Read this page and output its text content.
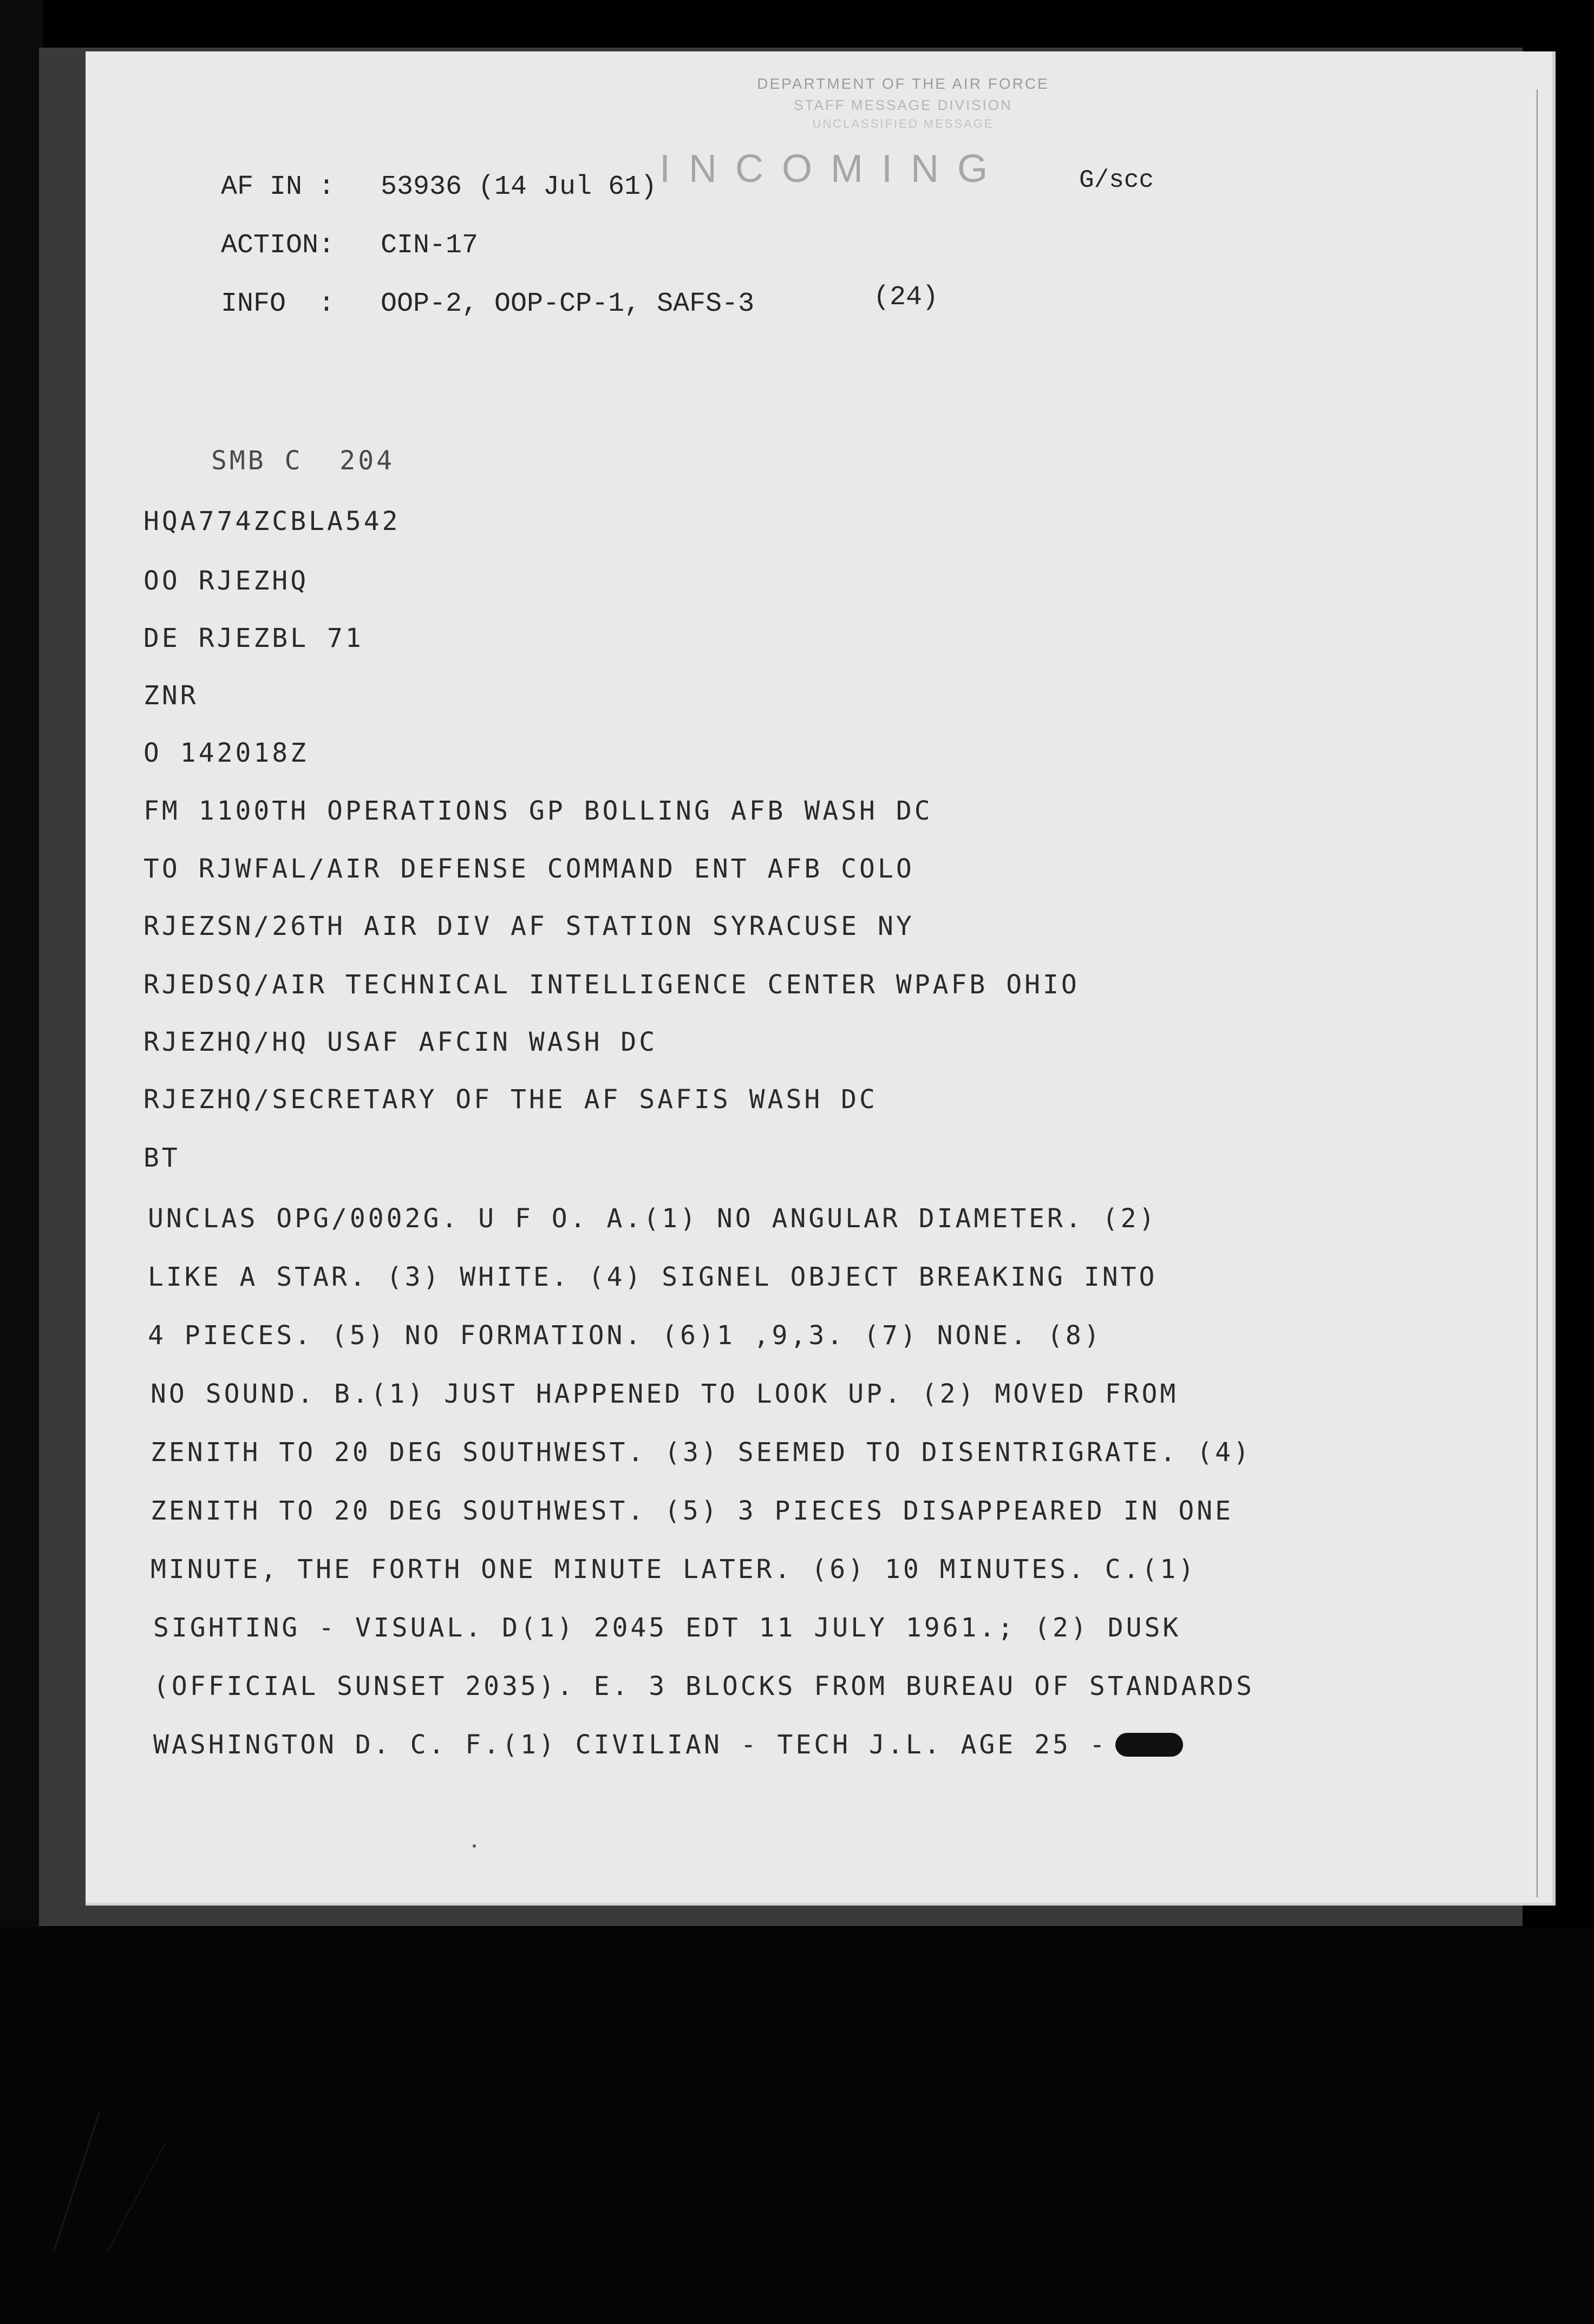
DEPARTMENT OF THE AIR FORCE
STAFF MESSAGE DIVISION
UNCLASSIFIED MESSAGE
INCOMING
AF IN : 53936 (14 Jul 61)	G/scc
ACTION: CIN-17
INFO  : OOP-2, OOP-CP-1, SAFS-3	(24)
SMB C  204
HQA774ZCBLA542
OO RJEZHQ
DE RJEZBL 71
ZNR
O 142018Z
FM 1100TH OPERATIONS GP BOLLING AFB WASH DC
TO RJWFAL/AIR DEFENSE COMMAND ENT AFB COLO
RJEZSN/26TH AIR DIV AF STATION SYRACUSE NY
RJEDSQ/AIR TECHNICAL INTELLIGENCE CENTER WPAFB OHIO
RJEZHQ/HQ USAF AFCIN WASH DC
RJEZHQ/SECRETARY OF THE AF SAFIS WASH DC
BT
UNCLAS OPG/0002G. U F O. A.(1) NO ANGULAR DIAMETER. (2)
LIKE A STAR. (3) WHITE. (4) SIGNEL OBJECT BREAKING INTO
4 PIECES. (5) NO FORMATION. (6)1 ,9,3. (7) NONE. (8)
NO SOUND. B.(1) JUST HAPPENED TO LOOK UP. (2) MOVED FROM
ZENITH TO 20 DEG SOUTHWEST. (3) SEEMED TO DISENTRIGRATE. (4)
ZENITH TO 20 DEG SOUTHWEST. (5) 3 PIECES DISAPPEARED IN ONE
MINUTE, THE FORTH ONE MINUTE LATER. (6) 10 MINUTES. C.(1)
SIGHTING - VISUAL. D(1) 2045 EDT 11 JULY 1961.; (2) DUSK
(OFFICIAL SUNSET 2035). E. 3 BLOCKS FROM BUREAU OF STANDARDS
WASHINGTON D. C. F.(1) CIVILIAN - TECH J.L. AGE 25 -
